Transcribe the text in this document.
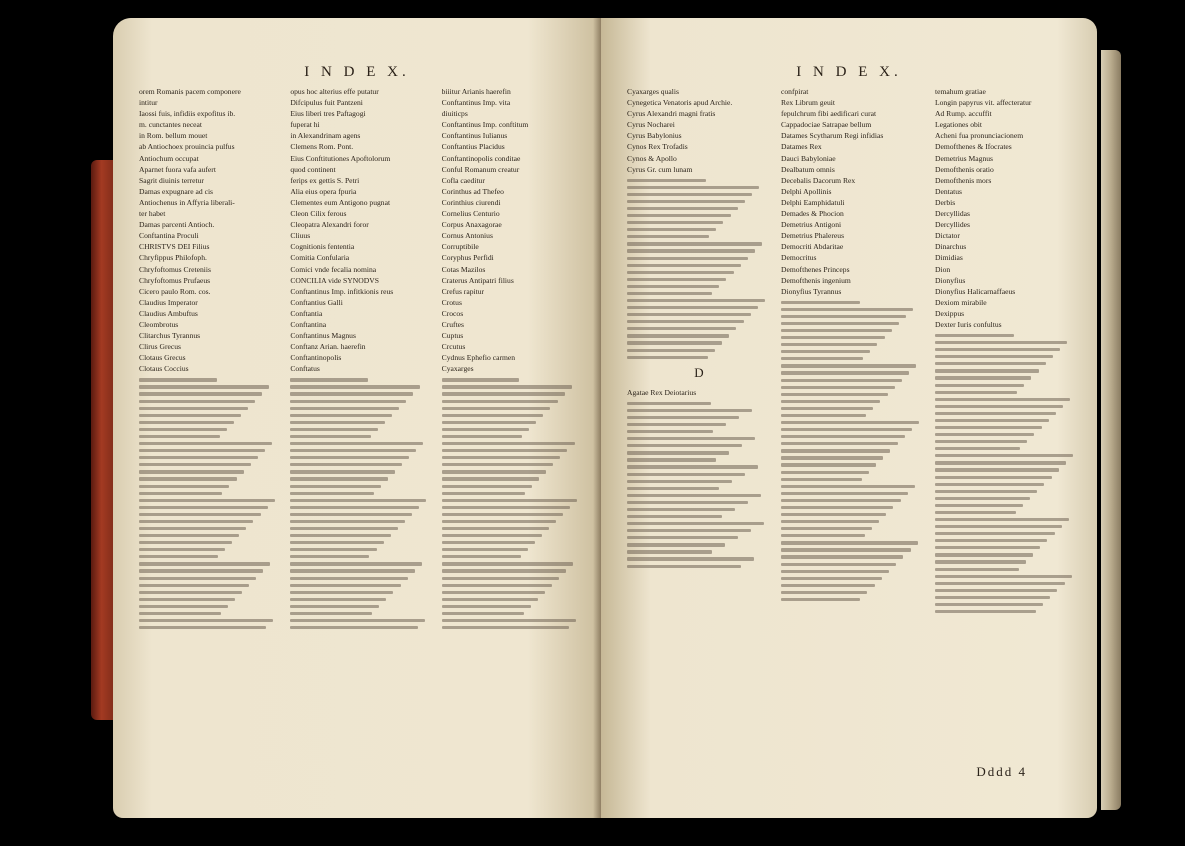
I N D E X.
orem Romanis pacem componere
intitur
Iaossi fuis, infidiis expofitus ib.
m. cunctantes neceat
in Rom. bellum mouet
ab Antiochoex prouincia pulfus
Antiochum occupat
Aparnet fuora vafa aufert
Sagrit diuinis terretur
Damas expugnare ad cis
Antiochenus in Affyria liberali-
ter habet
Damas parcenti Antioch.
Conftantina Proculi
CHRISTVS DEI Filius
Chryfippus Philofoph.
Chryfoftomus Creteniis
Chryfoftomus Prufaeus
Cicero paulo Rom. cos.
Claudius Imperator
Claudius Ambuftus
Cleombrotus
Clitarchus Tyrannus
Clirus Grecus
Clotaus Grecus
Clotaus Coccius
opus hoc alterius effe putatur
Difcipulus fuit Pantzeni
Eius liberi tres Paftagogi
fuperat hi
in Alexandrinam agens
Clemens Rom. Pont.
Eius Conftitutiones Apoftolorum
quod continent
ferips ex gettis S. Petri
Alia eius opera fpuria
Clementes eum Antigono pugnat
Cleon Cilix ferous
Cleopatra Alexandri foror
Cliuus
Cognitionis fententia
Comitia Confularia
Comici vnde fecalia nomina
CONCILIA vide SYNODVS
Conftantinus Imp. infitkionis reus
Conftantius Galli
Conftantia
Conftantina
Conftantinus Magnus
Conftanz Arian. haerefin
Conftantinopolis
Conftatus
biiitur Arianis haerefin
Conftantinus Imp. vita
diuiticps
Conftantinus Imp. conftitum
Conftantinus Iulianus
Conftantius Placidus
Conftantinopolis conditae
Conful Romanum creatur
Cofla caeditur
Corinthus ad Thefeo
Corinthius ciurendi
Cornelius Centurio
Corpus Anaxagorae
Cornus Antonius
Corruptibile
Coryphus Perfidi
Cotas Mazilos
Craterus Antipatri filius
Crefus rapitur
Crotus
Crocos
Cruftes
Cuptus
Crcutus
Cydnus Ephefio carmen
Cyaxarges
I N D E X.
Cyaxarges qualis
Cynegetica Venatoris apud Archie.
Cyrus Alexandri magni fratis
Cyrus Nocharei
Cyrus Babylonius
Cynos Rex Trofadis
Cynos & Apollo
Cyrus Gr. cum lunam
D
Agatae Rex Deiotarius
confpirat
Rex Librum geuit
fepulchrum fibi aedificari curat
Cappadociae Satrapae bellum
Datames Scytharum Regi infidias
Datames Rex
Dauci Babyloniae
Dealbatum omnis
Decebalis Dacorum Rex
Delphi Apollinis
Delphi Eamphidatuli
Demades & Phocion
Demetrius Antigoni
Demetrius Phalereus
Democriti Abdaritae
Democritus
Demofthenes Princeps
Demofthenis ingenium
Dionyfius Tyrannus
temahum gratiae
Longin papyrus vit. affecteratur
Ad Rump. accuffit
Legationes obit
Acheni fua pronunciacionem
Demofthenes & Ifocrates
Demetrius Magnus
Demofthenis oratio
Demofthenis mors
Dentatus
Derbis
Dercyllidas
Dercyllides
Dictator
Dinarchus
Dimidias
Dion
Dionyfius
Dionyfius Halicarnaffaeus
Dexiom mirabile
Dexippus
Dexter Iuris confultus
Dddd 4
